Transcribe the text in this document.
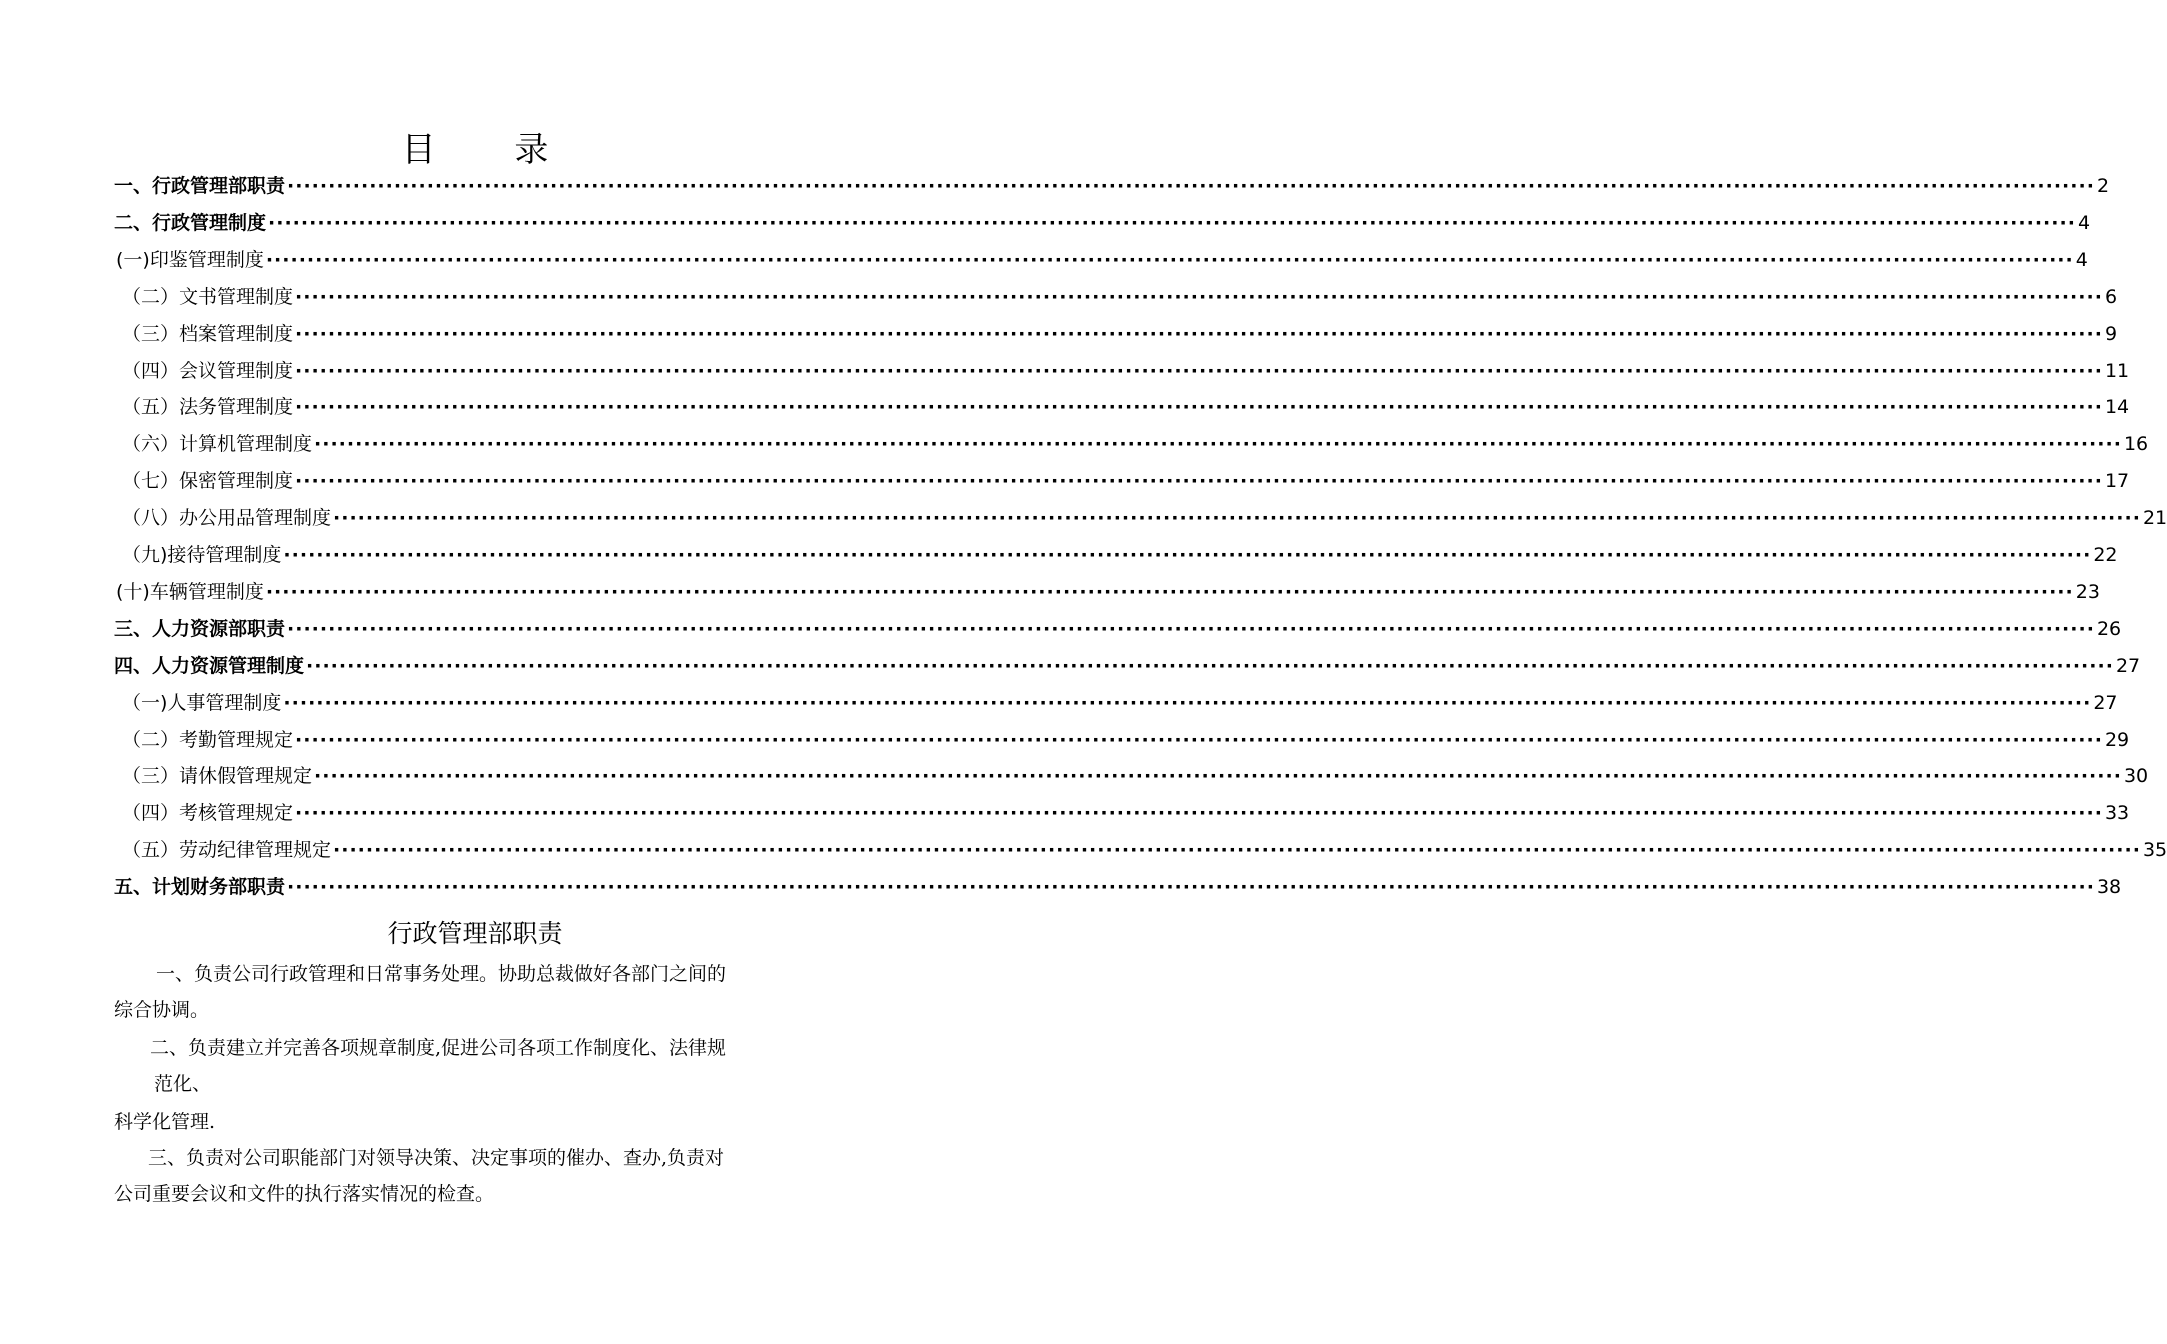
目 录
一、行政管理部职责 ···························································································································································································································· 2
二、行政管理制度 ···························································································································································································································· 4
(一)印鉴管理制度 ···························································································································································································································· 4
（二）文书管理制度 ···························································································································································································································· 6
（三）档案管理制度 ···························································································································································································································· 9
（四）会议管理制度 ···························································································································································································································· 11
（五）法务管理制度 ···························································································································································································································· 14
（六）计算机管理制度 ···························································································································································································································· 16
（七）保密管理制度 ···························································································································································································································· 17
（八）办公用品管理制度 ···························································································································································································································· 21
（九)接待管理制度 ···························································································································································································································· 22
(十)车辆管理制度 ···························································································································································································································· 23
三、人力资源部职责 ···························································································································································································································· 26
四、人力资源管理制度 ···························································································································································································································· 27
（一)人事管理制度 ···························································································································································································································· 27
（二）考勤管理规定 ···························································································································································································································· 29
（三）请休假管理规定 ···························································································································································································································· 30
（四）考核管理规定 ···························································································································································································································· 33
（五）劳动纪律管理规定 ···························································································································································································································· 35
五、计划财务部职责 ···························································································································································································································· 38
行政管理部职责
一、负责公司行政管理和日常事务处理。协助总裁做好各部门之间的
综合协调。
二、负责建立并完善各项规章制度,促进公司各项工作制度化、法律规
范化、
科学化管理.
三、负责对公司职能部门对领导决策、决定事项的催办、查办,负责对
公司重要会议和文件的执行落实情况的检查。
